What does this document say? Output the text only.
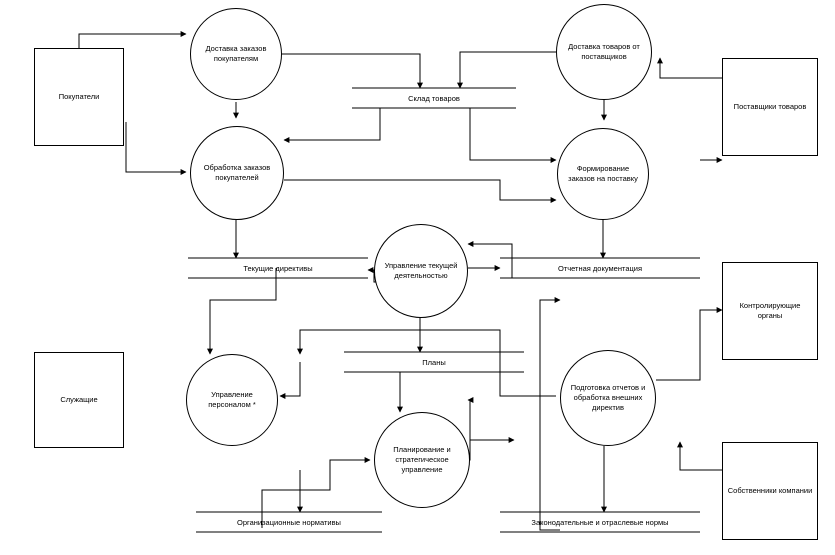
Доставка заказов покупателям
Доставка товаров от поставщиков
Обработка заказов покупателей
Формирование заказов на поставку
Управление текущей деятельностью
Управление персоналом *
Подготовка отчетов и обработка внешних директив
Планирование и стратегическое управление
Покупатели
Поставщики товаров
Контролирующие органы
Служащие
Собственники компании
Склад товаров
Текущие директивы	Отчетная документация
Планы
Организационные нормативы	Законодательные и отраслевые нормы
